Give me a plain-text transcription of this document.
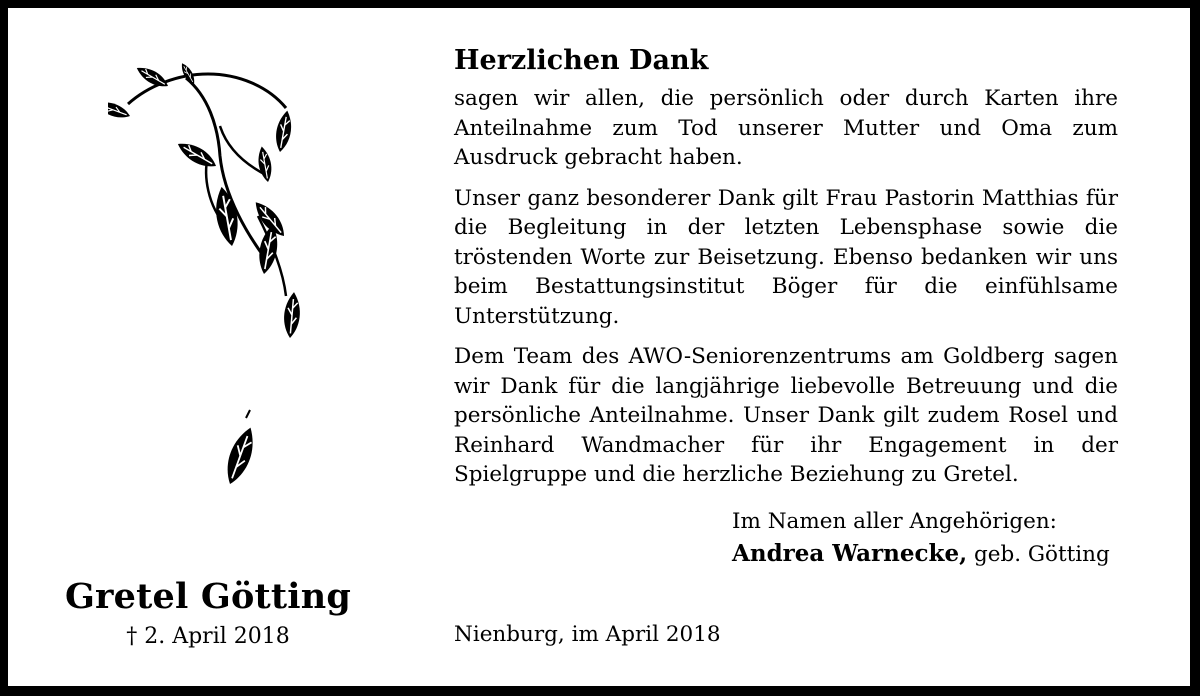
Gretel Götting
† 2. April 2018
Herzlichen Dank

sagen wir allen, die persönlich oder durch Karten ihre Anteilnahme zum Tod unserer Mutter und Oma zum Ausdruck gebracht haben.

Unser ganz besonderer Dank gilt Frau Pastorin Matthias für die Begleitung in der letzten Lebensphase sowie die tröstenden Worte zur Beisetzung. Ebenso bedanken wir uns beim Bestattungsinstitut Böger für die einfühlsame Unterstützung.

Dem Team des AWO-Seniorenzentrums am Goldberg sagen wir Dank für die langjährige liebevolle Betreuung und die persönliche Anteilnahme. Unser Dank gilt zudem Rosel und Reinhard Wandmacher für ihr Engagement in der Spielgruppe und die herzliche Beziehung zu Gretel.

Im Namen aller Angehörigen:
Andrea Warnecke, geb. Götting
Nienburg, im April 2018
